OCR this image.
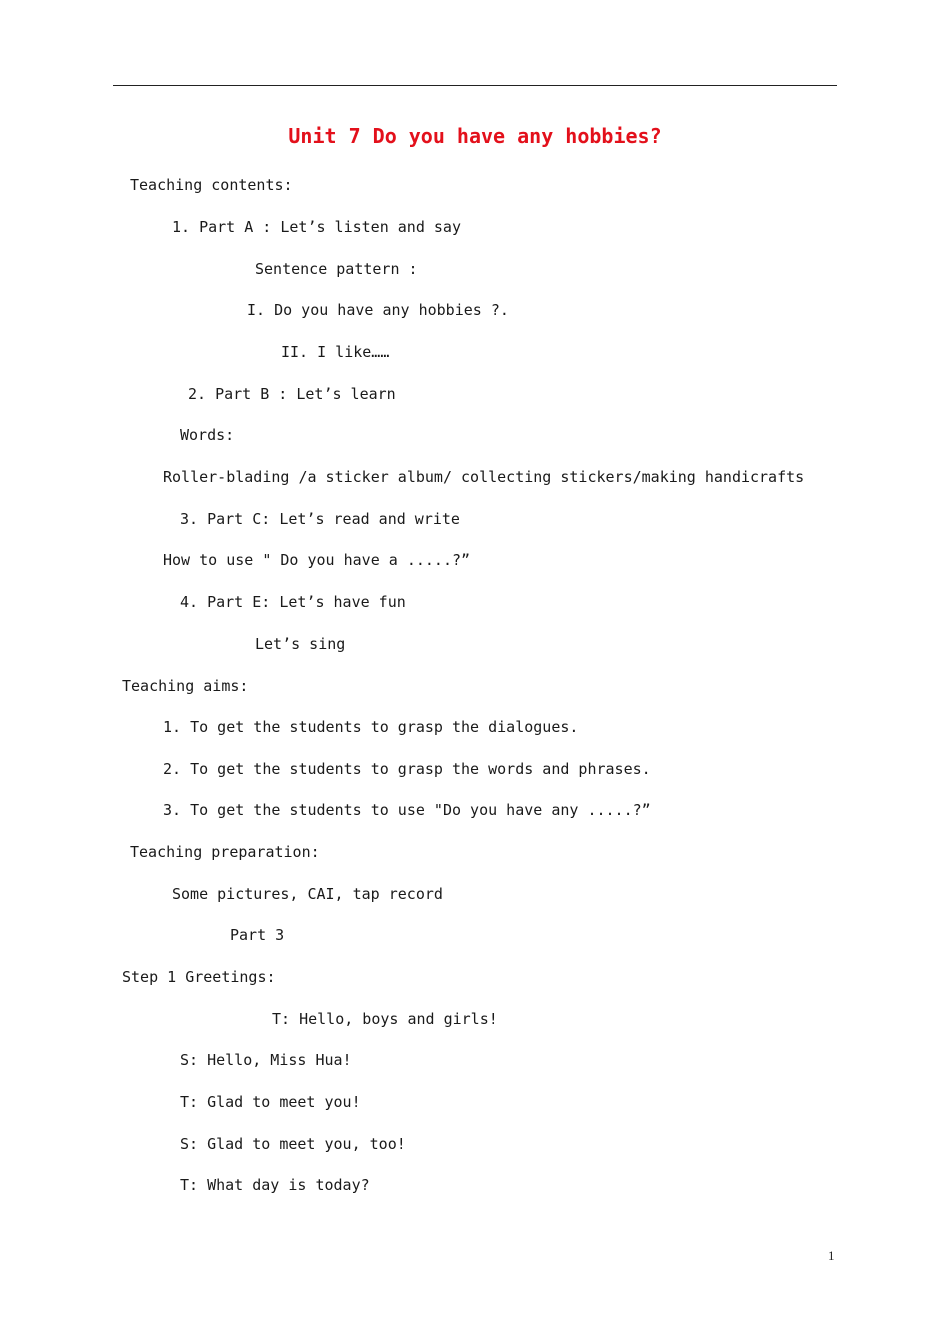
Unit 7 Do you have any hobbies?
Teaching contents:
1. Part A : Let’s listen and say
Sentence pattern :
I. Do you have any hobbies ?.
II. I like……
2. Part B : Let’s learn
Words:
Roller-blading /a sticker album/ collecting stickers/making handicrafts
3. Part C: Let’s read and write
How to use " Do you have a .....?”
4. Part E: Let’s have fun
Let’s sing
Teaching aims:
1. To get the students to grasp the dialogues.
2. To get the students to grasp the words and phrases.
3. To get the students to use "Do you have any .....?”
Teaching preparation:
Some pictures, CAI, tap record
Part 3
Step 1 Greetings:
T: Hello, boys and girls!
S: Hello, Miss Hua!
T: Glad to meet you!
S: Glad to meet you, too!
T: What day is today?
1
